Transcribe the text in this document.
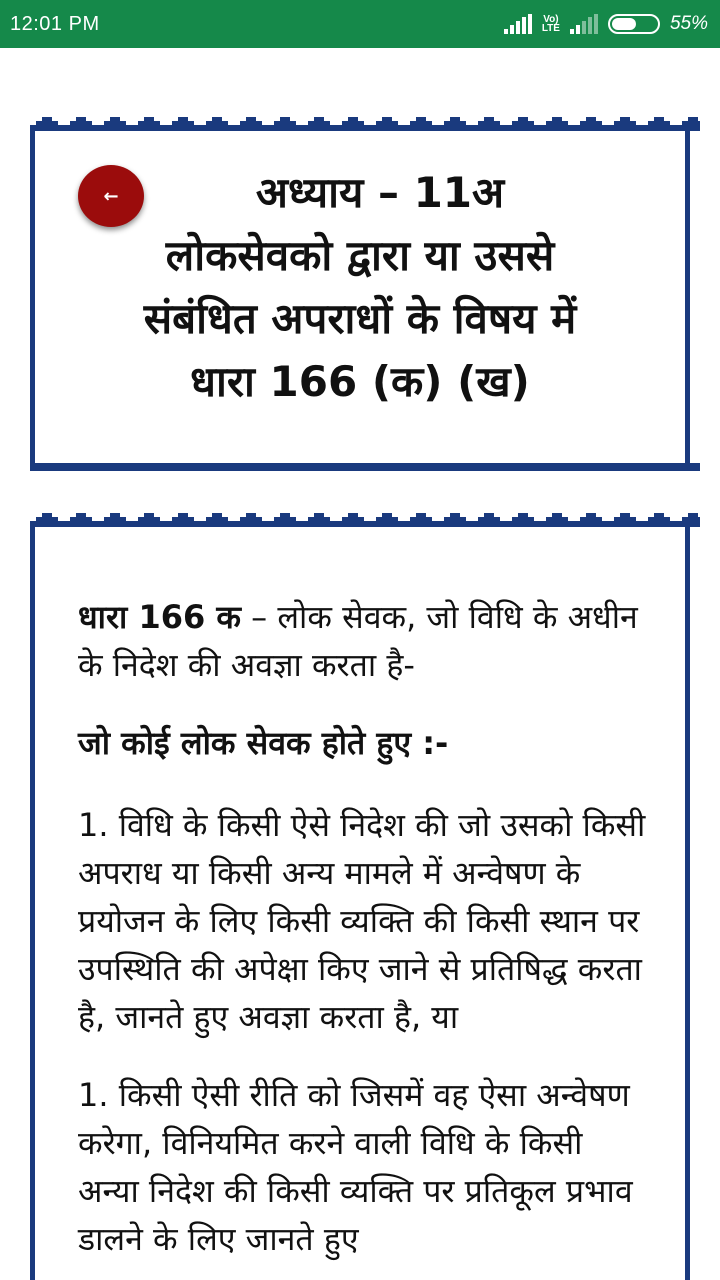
12:01 PM	Vo)
LTE	55%
←	अध्याय – 11अ
लोकसेवको द्वारा या उससे
संबंधित अपराधों के विषय में
धारा 166 (क) (ख)

धारा 166 क – लोक सेवक, जो विधि के अधीन के निदेश की अवज्ञा करता है-

जो कोई लोक सेवक होते हुए :-

1. विधि के किसी ऐसे निदेश की जो उसको किसी अपराध या किसी अन्य मामले में अन्वेषण के प्रयोजन के लिए किसी व्यक्ति की किसी स्थान पर उपस्थिति की अपेक्षा किए जाने से प्रतिषिद्ध करता है, जानते हुए अवज्ञा करता है, या

1. किसी ऐसी रीति को जिसमें वह ऐसा अन्वेषण करेगा, विनियमित करने वाली विधि के किसी अन्या निदेश की किसी व्यक्ति पर प्रतिकूल प्रभाव डालने के लिए जानते हुए
